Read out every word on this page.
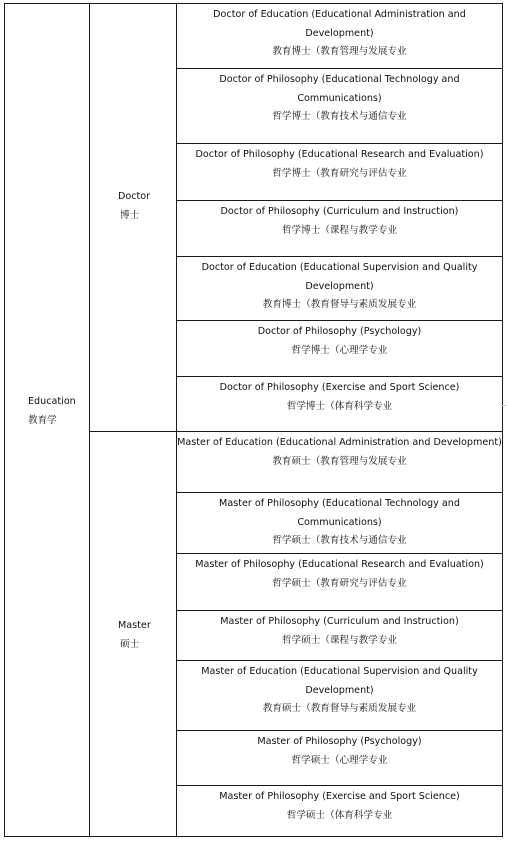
Education
教育学
Doctor
博士
Master
硕士
Doctor of Education (Educational Administration and
Development)
教育博士（教育管理与发展专业
Doctor of Philosophy (Educational Technology and
Communications)
哲学博士（教育技术与通信专业
Doctor of Philosophy (Educational Research and Evaluation)
哲学博士（教育研究与评估专业
Doctor of Philosophy (Curriculum and Instruction)
哲学博士（课程与教学专业
Doctor of Education (Educational Supervision and Quality
Development)
教育博士（教育督导与素质发展专业
Doctor of Philosophy (Psychology)
哲学博士（心理学专业
Doctor of Philosophy (Exercise and Sport Science)
哲学博士（体育科学专业
Master of Education (Educational Administration and Development)
教育硕士（教育管理与发展专业
Master of Philosophy (Educational Technology and Communications)
哲学硕士（教育技术与通信专业
Master of Philosophy (Educational Research and Evaluation)
哲学硕士（教育研究与评估专业
Master of Philosophy (Curriculum and Instruction)
哲学硕士（课程与教学专业
Master of Education (Educational Supervision and Quality
Development)
教育硕士（教育督导与素质发展专业
Master of Philosophy (Psychology)
哲学硕士（心理学专业
Master of Philosophy (Exercise and Sport Science)
哲学硕士（体育科学专业
